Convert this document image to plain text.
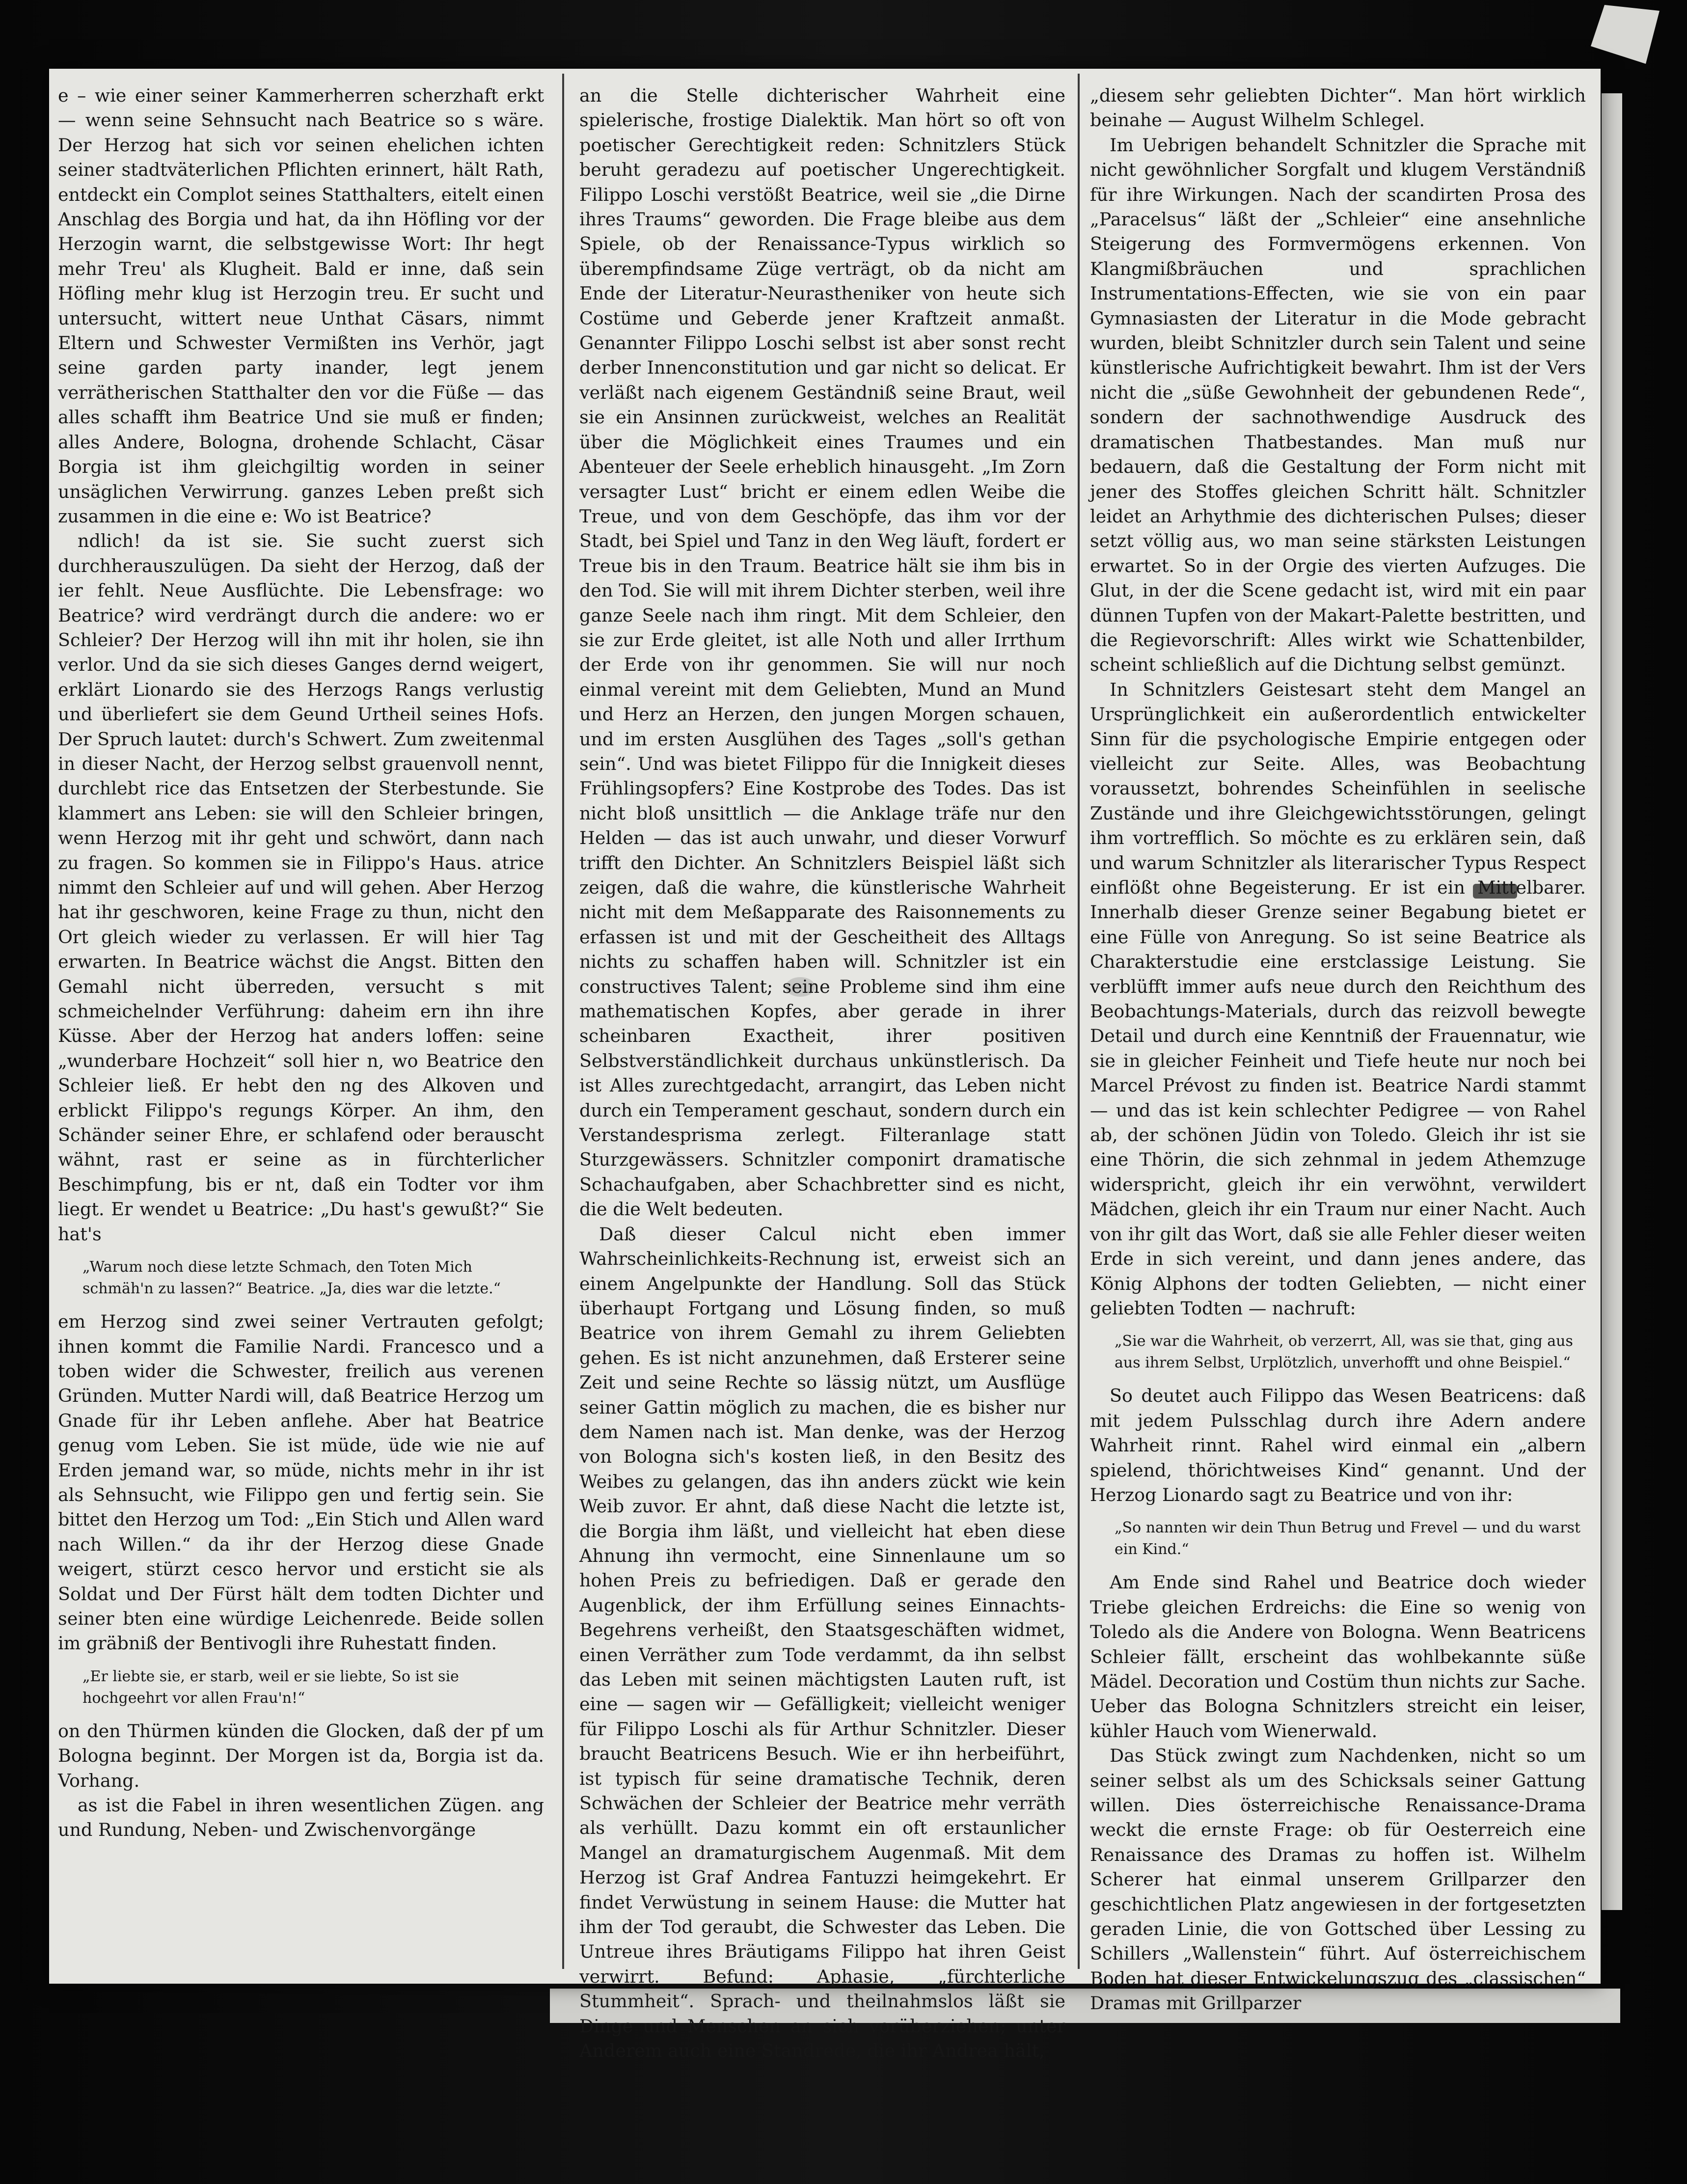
e – wie einer seiner Kammerherren scherzhaft erkt — wenn seine Sehnsucht nach Beatrice so s wäre. Der Herzog hat sich vor seinen ehelichen ichten seiner stadtväterlichen Pflichten erinnert, hält Rath, entdeckt ein Complot seines Statthalters, eitelt einen Anschlag des Borgia und hat, da ihn Höfling vor der Herzogin warnt, die selbstgewisse Wort: Ihr hegt mehr Treu' als Klugheit. Bald er inne, daß sein Höfling mehr klug ist Herzogin treu. Er sucht und untersucht, wittert neue Unthat Cäsars, nimmt Eltern und Schwester Vermißten ins Verhör, jagt seine garden party inander, legt jenem verrätherischen Statthalter den vor die Füße — das alles schafft ihm Beatrice Und sie muß er finden; alles Andere, Bologna, drohende Schlacht, Cäsar Borgia ist ihm gleichgiltig worden in seiner unsäglichen Verwirrung. ganzes Leben preßt sich zusammen in die eine e: Wo ist Beatrice?

ndlich! da ist sie. Sie sucht zuerst sich durchherauszulügen. Da sieht der Herzog, daß der ier fehlt. Neue Ausflüchte. Die Lebensfrage: wo Beatrice? wird verdrängt durch die andere: wo er Schleier? Der Herzog will ihn mit ihr holen, sie ihn verlor. Und da sie sich dieses Ganges dernd weigert, erklärt Lionardo sie des Herzogs Rangs verlustig und überliefert sie dem Geund Urtheil seines Hofs. Der Spruch lautet: durch's Schwert. Zum zweitenmal in dieser Nacht, der Herzog selbst grauenvoll nennt, durchlebt rice das Entsetzen der Sterbestunde. Sie klammert ans Leben: sie will den Schleier bringen, wenn Herzog mit ihr geht und schwört, dann nach zu fragen. So kommen sie in Filippo's Haus. atrice nimmt den Schleier auf und will gehen. Aber Herzog hat ihr geschworen, keine Frage zu thun, nicht den Ort gleich wieder zu verlassen. Er will hier Tag erwarten. In Beatrice wächst die Angst. Bitten den Gemahl nicht überreden, versucht s mit schmeichelnder Verführung: daheim ern ihn ihre Küsse. Aber der Herzog hat anders loffen: seine „wunderbare Hochzeit“ soll hier n, wo Beatrice den Schleier ließ. Er hebt den ng des Alkoven und erblickt Filippo's regungs Körper. An ihm, den Schänder seiner Ehre, er schlafend oder berauscht wähnt, rast er seine as in fürchterlicher Beschimpfung, bis er nt, daß ein Todter vor ihm liegt. Er wendet u Beatrice: „Du hast's gewußt?“ Sie hat's

„Warum noch diese letzte Schmach, den Toten Mich schmäh'n zu lassen?“ Beatrice. „Ja, dies war die letzte.“

em Herzog sind zwei seiner Vertrauten gefolgt; ihnen kommt die Familie Nardi. Francesco und a toben wider die Schwester, freilich aus verenen Gründen. Mutter Nardi will, daß Beatrice Herzog um Gnade für ihr Leben anflehe. Aber hat Beatrice genug vom Leben. Sie ist müde, üde wie nie auf Erden jemand war, so müde, nichts mehr in ihr ist als Sehnsucht, wie Filippo gen und fertig sein. Sie bittet den Herzog um Tod: „Ein Stich und Allen ward nach Willen.“ da ihr der Herzog diese Gnade weigert, stürzt cesco hervor und ersticht sie als Soldat und Der Fürst hält dem todten Dichter und seiner bten eine würdige Leichenrede. Beide sollen im gräbniß der Bentivogli ihre Ruhestatt finden.

„Er liebte sie, er starb, weil er sie liebte, So ist sie hochgeehrt vor allen Frau'n!“

on den Thürmen künden die Glocken, daß der pf um Bologna beginnt. Der Morgen ist da, Borgia ist da. Vorhang.

as ist die Fabel in ihren wesentlichen Zügen. ang und Rundung, Neben- und Zwischenvorgänge

an die Stelle dichterischer Wahrheit eine spielerische, frostige Dialektik. Man hört so oft von poetischer Gerechtigkeit reden: Schnitzlers Stück beruht geradezu auf poetischer Ungerechtigkeit. Filippo Loschi verstößt Beatrice, weil sie „die Dirne ihres Traums“ geworden. Die Frage bleibe aus dem Spiele, ob der Renaissance-Typus wirklich so überempfindsame Züge verträgt, ob da nicht am Ende der Literatur-Neurastheniker von heute sich Costüme und Geberde jener Kraftzeit anmaßt. Genannter Filippo Loschi selbst ist aber sonst recht derber Innenconstitution und gar nicht so delicat. Er verläßt nach eigenem Geständniß seine Braut, weil sie ein Ansinnen zurückweist, welches an Realität über die Möglichkeit eines Traumes und ein Abenteuer der Seele erheblich hinausgeht. „Im Zorn versagter Lust“ bricht er einem edlen Weibe die Treue, und von dem Geschöpfe, das ihm vor der Stadt, bei Spiel und Tanz in den Weg läuft, fordert er Treue bis in den Traum. Beatrice hält sie ihm bis in den Tod. Sie will mit ihrem Dichter sterben, weil ihre ganze Seele nach ihm ringt. Mit dem Schleier, den sie zur Erde gleitet, ist alle Noth und aller Irrthum der Erde von ihr genommen. Sie will nur noch einmal vereint mit dem Geliebten, Mund an Mund und Herz an Herzen, den jungen Morgen schauen, und im ersten Ausglühen des Tages „soll's gethan sein“. Und was bietet Filippo für die Innigkeit dieses Frühlingsopfers? Eine Kostprobe des Todes. Das ist nicht bloß unsittlich — die Anklage träfe nur den Helden — das ist auch unwahr, und dieser Vorwurf trifft den Dichter. An Schnitzlers Beispiel läßt sich zeigen, daß die wahre, die künstlerische Wahrheit nicht mit dem Meßapparate des Raisonnements zu erfassen ist und mit der Gescheitheit des Alltags nichts zu schaffen haben will. Schnitzler ist ein constructives Talent; seine Probleme sind ihm eine mathematischen Kopfes, aber gerade in ihrer scheinbaren Exactheit, ihrer positiven Selbstverständlichkeit durchaus unkünstlerisch. Da ist Alles zurechtgedacht, arrangirt, das Leben nicht durch ein Temperament geschaut, sondern durch ein Verstandesprisma zerlegt. Filteranlage statt Sturzgewässers. Schnitzler componirt dramatische Schachaufgaben, aber Schachbretter sind es nicht, die die Welt bedeuten.

Daß dieser Calcul nicht eben immer Wahrscheinlichkeits-Rechnung ist, erweist sich an einem Angelpunkte der Handlung. Soll das Stück überhaupt Fortgang und Lösung finden, so muß Beatrice von ihrem Gemahl zu ihrem Geliebten gehen. Es ist nicht anzunehmen, daß Ersterer seine Zeit und seine Rechte so lässig nützt, um Ausflüge seiner Gattin möglich zu machen, die es bisher nur dem Namen nach ist. Man denke, was der Herzog von Bologna sich's kosten ließ, in den Besitz des Weibes zu gelangen, das ihn anders zückt wie kein Weib zuvor. Er ahnt, daß diese Nacht die letzte ist, die Borgia ihm läßt, und vielleicht hat eben diese Ahnung ihn vermocht, eine Sinnenlaune um so hohen Preis zu befriedigen. Daß er gerade den Augenblick, der ihm Erfüllung seines Einnachts-Begehrens verheißt, den Staatsgeschäften widmet, einen Verräther zum Tode verdammt, da ihn selbst das Leben mit seinen mächtigsten Lauten ruft, ist eine — sagen wir — Gefälligkeit; vielleicht weniger für Filippo Loschi als für Arthur Schnitzler. Dieser braucht Beatricens Besuch. Wie er ihn herbeiführt, ist typisch für seine dramatische Technik, deren Schwächen der Schleier der Beatrice mehr verräth als verhüllt. Dazu kommt ein oft erstaunlicher Mangel an dramaturgischem Augenmaß. Mit dem Herzog ist Graf Andrea Fantuzzi heimgekehrt. Er findet Verwüstung in seinem Hause: die Mutter hat ihm der Tod geraubt, die Schwester das Leben. Die Untreue ihres Bräutigams Filippo hat ihren Geist verwirrt. Befund: Aphasie, „fürchterliche Stummheit“. Sprach- und theilnahmslos läßt sie Dinge und Menschen an sich vorüberziehen; unter Anderem auch eine Standrede, die ihr Andrea hält,

„diesem sehr geliebten Dichter“. Man hört wirklich beinahe — August Wilhelm Schlegel.

Im Uebrigen behandelt Schnitzler die Sprache mit nicht gewöhnlicher Sorgfalt und klugem Verständniß für ihre Wirkungen. Nach der scandirten Prosa des „Paracelsus“ läßt der „Schleier“ eine ansehnliche Steigerung des Formvermögens erkennen. Von Klangmißbräuchen und sprachlichen Instrumentations-Effecten, wie sie von ein paar Gymnasiasten der Literatur in die Mode gebracht wurden, bleibt Schnitzler durch sein Talent und seine künstlerische Aufrichtigkeit bewahrt. Ihm ist der Vers nicht die „süße Gewohnheit der gebundenen Rede“, sondern der sachnothwendige Ausdruck des dramatischen Thatbestandes. Man muß nur bedauern, daß die Gestaltung der Form nicht mit jener des Stoffes gleichen Schritt hält. Schnitzler leidet an Arhythmie des dichterischen Pulses; dieser setzt völlig aus, wo man seine stärksten Leistungen erwartet. So in der Orgie des vierten Aufzuges. Die Glut, in der die Scene gedacht ist, wird mit ein paar dünnen Tupfen von der Makart-Palette bestritten, und die Regievorschrift: Alles wirkt wie Schattenbilder, scheint schließlich auf die Dichtung selbst gemünzt.

In Schnitzlers Geistesart steht dem Mangel an Ursprünglichkeit ein außerordentlich entwickelter Sinn für die psychologische Empirie entgegen oder vielleicht zur Seite. Alles, was Beobachtung voraussetzt, bohrendes Scheinfühlen in seelische Zustände und ihre Gleichgewichtsstörungen, gelingt ihm vortrefflich. So möchte es zu erklären sein, daß und warum Schnitzler als literarischer Typus Respect einflößt ohne Begeisterung. Er ist ein Mittelbarer. Innerhalb dieser Grenze seiner Begabung bietet er eine Fülle von Anregung. So ist seine Beatrice als Charakterstudie eine erstclassige Leistung. Sie verblüfft immer aufs neue durch den Reichthum des Beobachtungs-Materials, durch das reizvoll bewegte Detail und durch eine Kenntniß der Frauennatur, wie sie in gleicher Feinheit und Tiefe heute nur noch bei Marcel Prévost zu finden ist. Beatrice Nardi stammt — und das ist kein schlechter Pedigree — von Rahel ab, der schönen Jüdin von Toledo. Gleich ihr ist sie eine Thörin, die sich zehnmal in jedem Athemzuge widerspricht, gleich ihr ein verwöhnt, verwildert Mädchen, gleich ihr ein Traum nur einer Nacht. Auch von ihr gilt das Wort, daß sie alle Fehler dieser weiten Erde in sich vereint, und dann jenes andere, das König Alphons der todten Geliebten, — nicht einer geliebten Todten — nachruft:

„Sie war die Wahrheit, ob verzerrt, All, was sie that, ging aus aus ihrem Selbst, Urplötzlich, unverhofft und ohne Beispiel.“

So deutet auch Filippo das Wesen Beatricens: daß mit jedem Pulsschlag durch ihre Adern andere Wahrheit rinnt. Rahel wird einmal ein „albern spielend, thörichtweises Kind“ genannt. Und der Herzog Lionardo sagt zu Beatrice und von ihr:

„So nannten wir dein Thun Betrug und Frevel — und du warst ein Kind.“

Am Ende sind Rahel und Beatrice doch wieder Triebe gleichen Erdreichs: die Eine so wenig von Toledo als die Andere von Bologna. Wenn Beatricens Schleier fällt, erscheint das wohlbekannte süße Mädel. Decoration und Costüm thun nichts zur Sache. Ueber das Bologna Schnitzlers streicht ein leiser, kühler Hauch vom Wienerwald.

Das Stück zwingt zum Nachdenken, nicht so um seiner selbst als um des Schicksals seiner Gattung willen. Dies österreichische Renaissance-Drama weckt die ernste Frage: ob für Oesterreich eine Renaissance des Dramas zu hoffen ist. Wilhelm Scherer hat einmal unserem Grillparzer den geschichtlichen Platz angewiesen in der fortgesetzten geraden Linie, die von Gottsched über Lessing zu Schillers „Wallenstein“ führt. Auf österreichischem Boden hat dieser Entwickelungszug des „classischen“ Dramas mit Grillparzer
